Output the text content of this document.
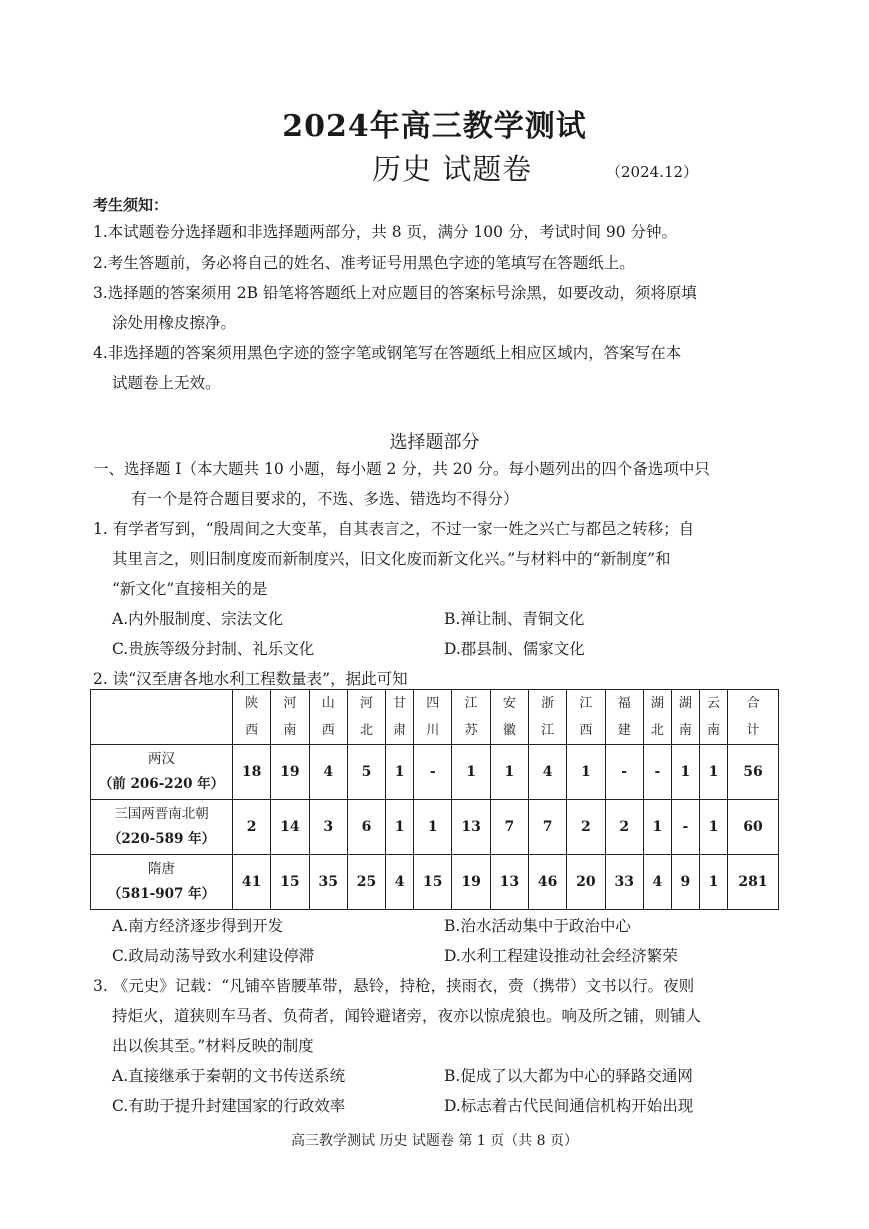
2024年高三教学测试
历史 试题卷	（2024.12）
考生须知：
1.本试题卷分选择题和非选择题两部分，共 8 页，满分 100 分，考试时间 90 分钟。
2.考生答题前，务必将自己的姓名、准考证号用黑色字迹的笔填写在答题纸上。
3.选择题的答案须用 2B 铅笔将答题纸上对应题目的答案标号涂黑，如要改动，须将原填
涂处用橡皮擦净。
4.非选择题的答案须用黑色字迹的签字笔或钢笔写在答题纸上相应区域内，答案写在本
试题卷上无效。
选择题部分
一、选择题 Ⅰ（本大题共 10 小题，每小题 2 分，共 20 分。每小题列出的四个备选项中只
有一个是符合题目要求的，不选、多选、错选均不得分）
1. 有学者写到，“殷周间之大变革，自其表言之，不过一家一姓之兴亡与都邑之转移；自
其里言之，则旧制度废而新制度兴，旧文化废而新文化兴。”与材料中的“新制度”和
“新文化”直接相关的是
A.内外服制度、宗法文化	B.禅让制、青铜文化
C.贵族等级分封制、礼乐文化	D.郡县制、儒家文化
2. 读“汉至唐各地水利工程数量表”，据此可知
	陕西	河南	山西	河北	甘肃	四川	江苏	安徽	浙江	江西	福建	湖北	湖南	云南	合计

两汉
（前 206-220 年）	18	19	4	5	1	-	1	1	4	1	-	-	1	1	56

三国两晋南北朝
（220-589 年）	2	14	3	6	1	1	13	7	7	2	2	1	-	1	60

隋唐
（581-907 年）	41	15	35	25	4	15	19	13	46	20	33	4	9	1	281
A.南方经济逐步得到开发	B.治水活动集中于政治中心
C.政局动荡导致水利建设停滞	D.水利工程建设推动社会经济繁荣
3. 《元史》记载：“凡铺卒皆腰革带，悬铃，持枪，挟雨衣，赍（携带）文书以行。夜则
持炬火，道狭则车马者、负荷者，闻铃避诸旁，夜亦以惊虎狼也。响及所之铺，则铺人
出以俟其至。”材料反映的制度
A.直接继承于秦朝的文书传送系统	B.促成了以大都为中心的驿路交通网
C.有助于提升封建国家的行政效率	D.标志着古代民间通信机构开始出现
高三教学测试 历史 试题卷 第 1 页（共 8 页）
